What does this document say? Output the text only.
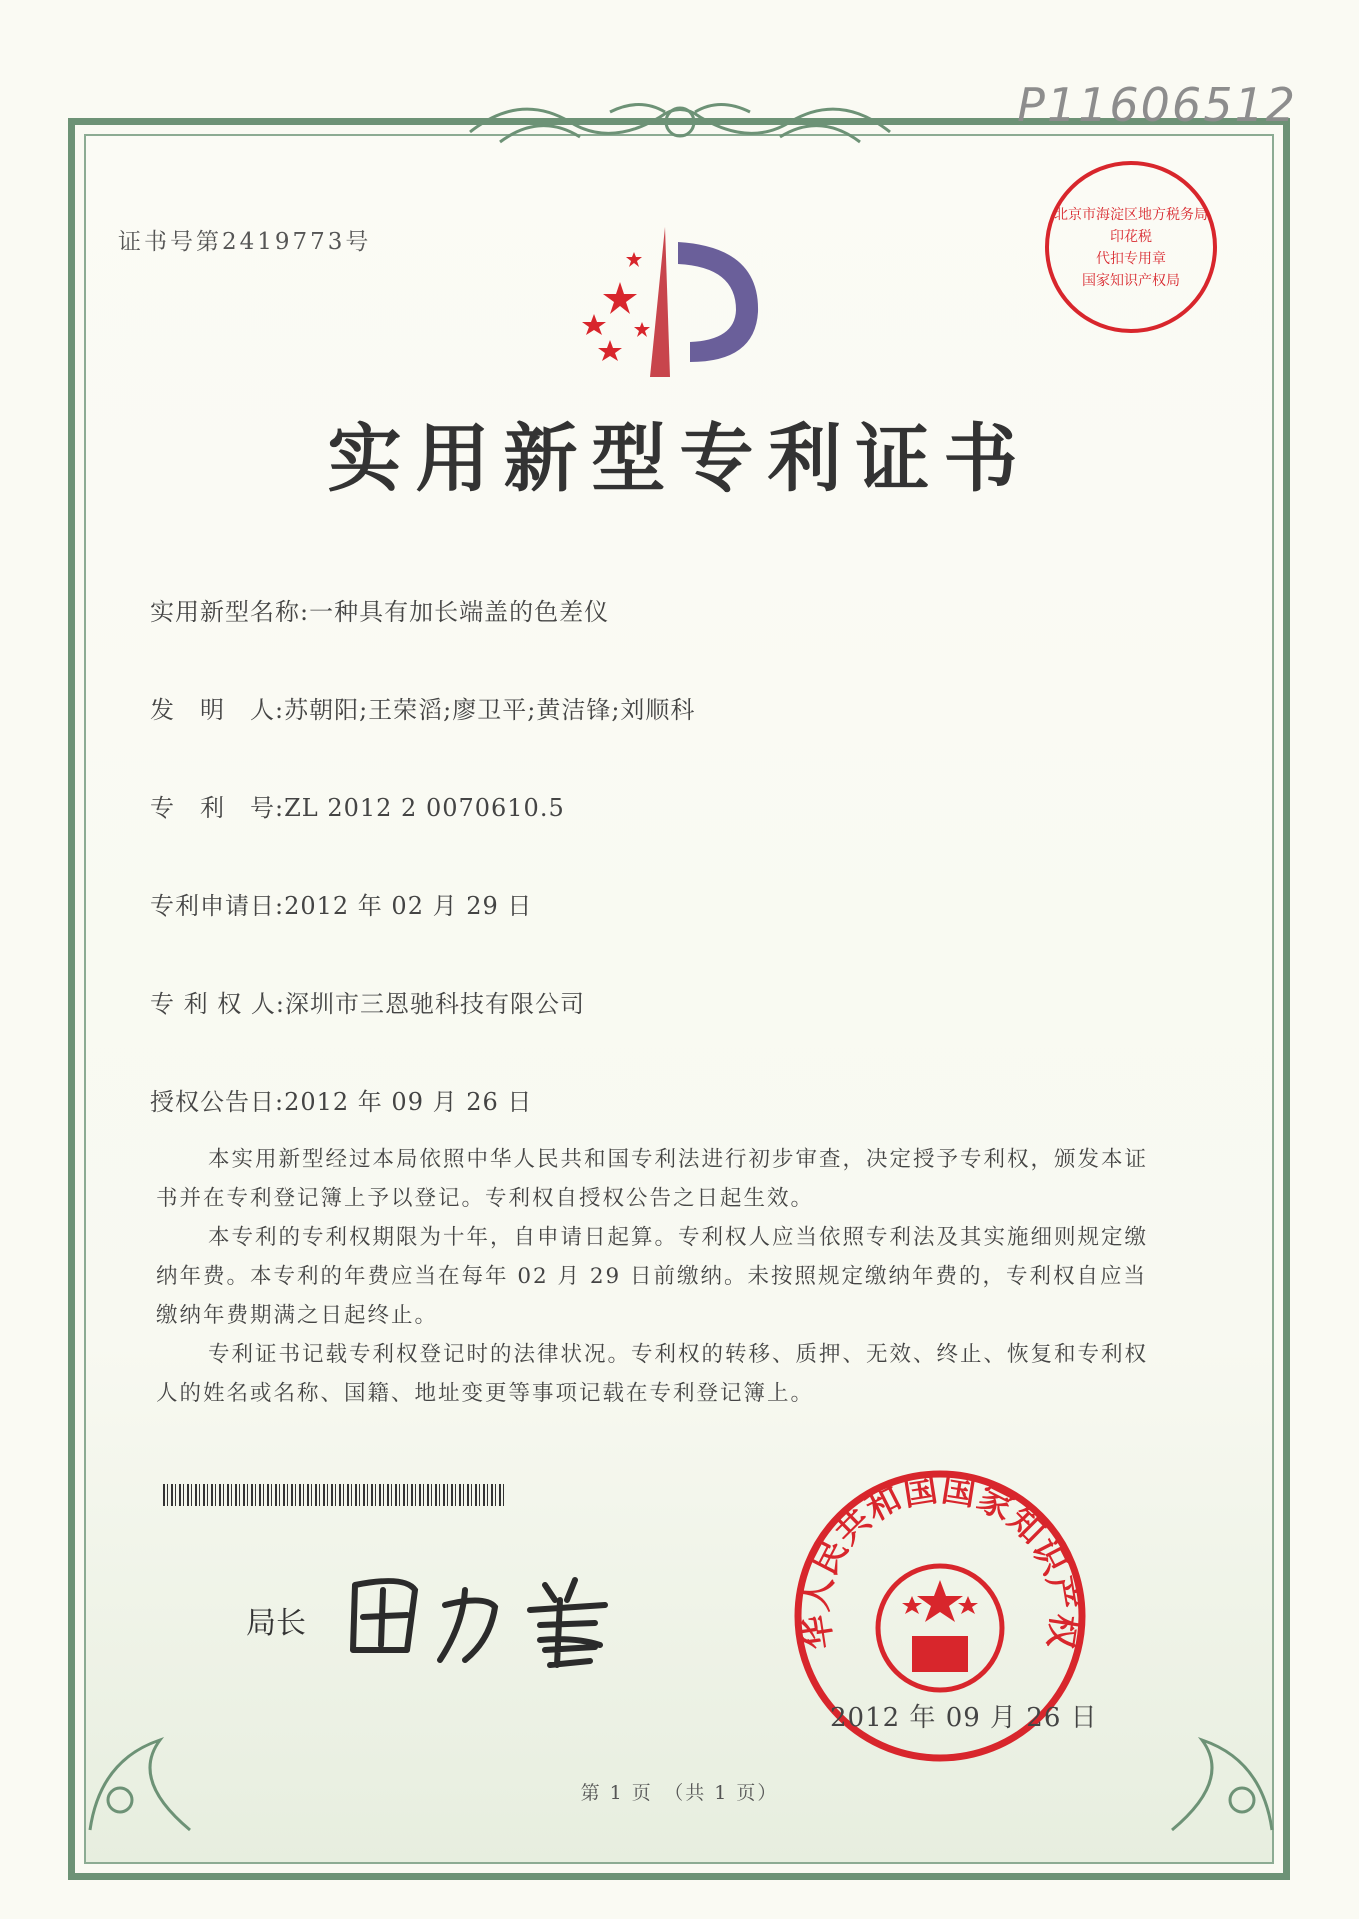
P11606512
证书号第2419773号
北京市海淀区地方税务局
印花税
代扣专用章
国家知识产权局
实用新型专利证书
实用新型名称:一种具有加长端盖的色差仪
发　明　人:苏朝阳;王荣滔;廖卫平;黄洁锋;刘顺科
专　利　号:ZL 2012 2 0070610.5
专利申请日:2012 年 02 月 29 日
专 利 权 人:深圳市三恩驰科技有限公司
授权公告日:2012 年 09 月 26 日

本实用新型经过本局依照中华人民共和国专利法进行初步审查，决定授予专利权，颁发本证书并在专利登记簿上予以登记。专利权自授权公告之日起生效。

本专利的专利权期限为十年，自申请日起算。专利权人应当依照专利法及其实施细则规定缴纳年费。本专利的年费应当在每年 02 月 29 日前缴纳。未按照规定缴纳年费的，专利权自应当缴纳年费期满之日起终止。

专利证书记载专利权登记时的法律状况。专利权的转移、质押、无效、终止、恢复和专利权人的姓名或名称、国籍、地址变更等事项记载在专利登记簿上。

局长	华人民共和国国家知识产权
2012 年 09 月 26 日
第 1 页　（共 1 页）
